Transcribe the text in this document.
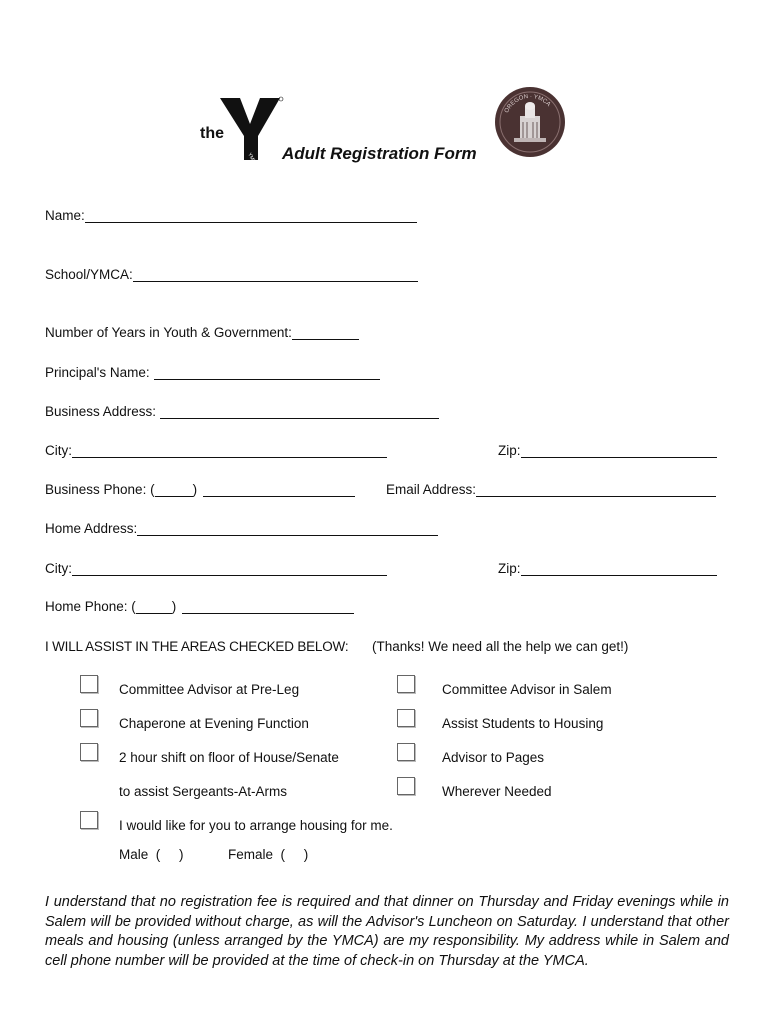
the
YMCA
OREGON · YMCA
Adult Registration Form
Name:
School/YMCA:
Number of Years in Youth & Government:
Principal's Name:
Business Address:
City:	Zip:
Business Phone: (	)	Email Address:
Home Address:
City:	Zip:
Home Phone: (	)
I WILL ASSIST IN THE AREAS CHECKED BELOW: (Thanks! We need all the help we can get!)
Committee Advisor at Pre-Leg
Chaperone at Evening Function
2 hour shift on floor of House/Senate
to assist Sergeants-At-Arms
I would like for you to arrange housing for me.
Male  (     )	Female  (     )
Committee Advisor in Salem
Assist Students to Housing
Advisor to Pages
Wherever Needed
I understand that no registration fee is required and that dinner on Thursday and Friday evenings while in Salem will be provided without charge, as will the Advisor's Luncheon on Saturday. I understand that other meals and housing (unless arranged by the YMCA) are my responsibility. My address while in Salem and cell phone number will be provided at the time of check-in on Thursday at the YMCA.
